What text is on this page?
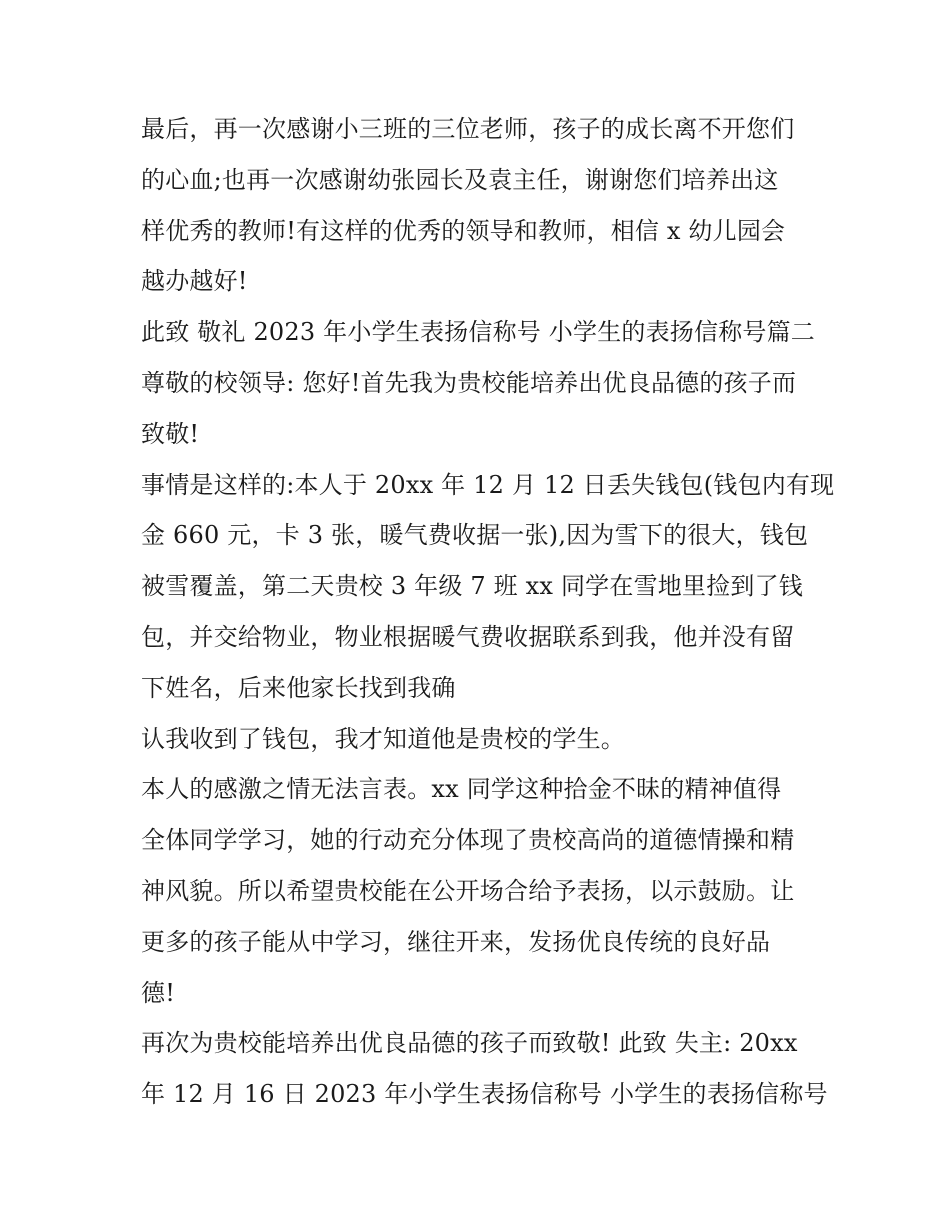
最后，再一次感谢小三班的三位老师，孩子的成长离不开您们
的心血;也再一次感谢幼张园长及袁主任，谢谢您们培养出这
样优秀的教师!有这样的优秀的领导和教师，相信 x 幼儿园会
越办越好!
此致 敬礼 2023 年小学生表扬信称号 小学生的表扬信称号篇二
尊敬的校领导: 您好!首先我为贵校能培养出优良品德的孩子而
致敬!
事情是这样的:本人于 20xx 年 12 月 12 日丢失钱包(钱包内有现
金 660 元，卡 3 张，暖气费收据一张),因为雪下的很大，钱包
被雪覆盖，第二天贵校 3 年级 7 班 xx 同学在雪地里捡到了钱
包，并交给物业，物业根据暖气费收据联系到我，他并没有留
下姓名，后来他家长找到我确
认我收到了钱包，我才知道他是贵校的学生。
本人的感激之情无法言表。xx 同学这种拾金不昧的精神值得
全体同学学习，她的行动充分体现了贵校高尚的道德情操和精
神风貌。所以希望贵校能在公开场合给予表扬，以示鼓励。让
更多的孩子能从中学习，继往开来，发扬优良传统的良好品
德!
再次为贵校能培养出优良品德的孩子而致敬! 此致 失主: 20xx
年 12 月 16 日 2023 年小学生表扬信称号 小学生的表扬信称号
